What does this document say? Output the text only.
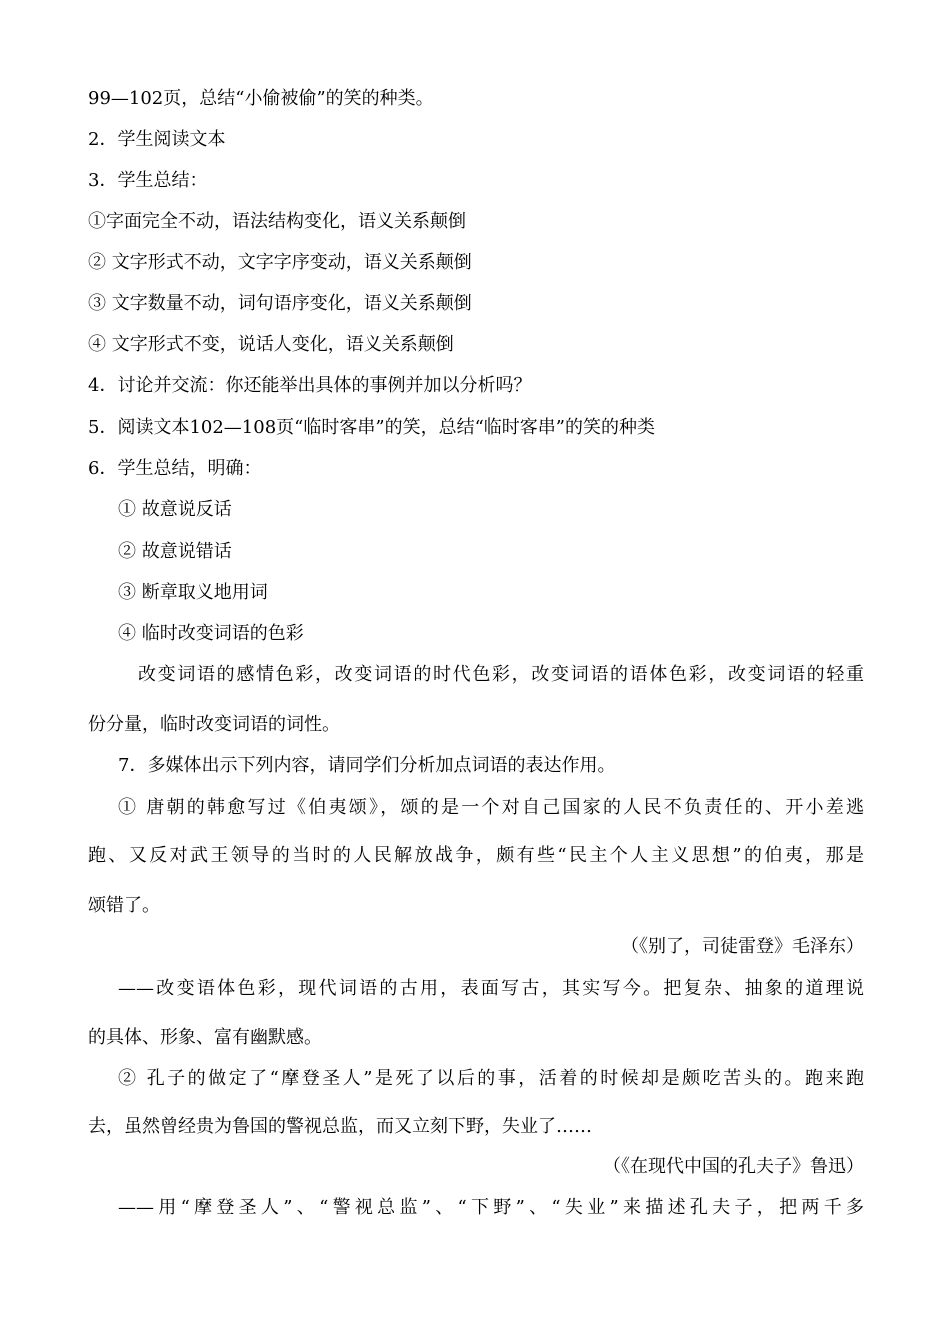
99—102页，总结“小偷被偷”的笑的种类。
2．学生阅读文本
3．学生总结：
①字面完全不动，语法结构变化，语义关系颠倒
② 文字形式不动，文字字序变动，语义关系颠倒
③ 文字数量不动，词句语序变化，语义关系颠倒
④ 文字形式不变，说话人变化，语义关系颠倒
4．讨论并交流：你还能举出具体的事例并加以分析吗？
5．阅读文本102—108页“临时客串”的笑，总结“临时客串”的笑的种类
6．学生总结，明确：
① 故意说反话
② 故意说错话
③ 断章取义地用词
④ 临时改变词语的色彩
改变词语的感情色彩，改变词语的时代色彩，改变词语的语体色彩，改变词语的轻重
份分量，临时改变词语的词性。
7．多媒体出示下列内容，请同学们分析加点词语的表达作用。
① 唐朝的韩愈写过《伯夷颂》，颂的是一个对自己国家的人民不负责任的、开小差逃
跑、又反对武王领导的当时的人民解放战争，颇有些“民主个人主义思想”的伯夷，那是
颂错了。
（《别了，司徒雷登》毛泽东）
——改变语体色彩，现代词语的古用，表面写古，其实写今。把复杂、抽象的道理说
的具体、形象、富有幽默感。
② 孔子的做定了“摩登圣人”是死了以后的事，活着的时候却是颇吃苦头的。跑来跑
去，虽然曾经贵为鲁国的警视总监，而又立刻下野，失业了……
（《在现代中国的孔夫子》鲁迅）
——用“摩登圣人”、“警视总监”、“下野”、“失业”来描述孔夫子，把两千多
